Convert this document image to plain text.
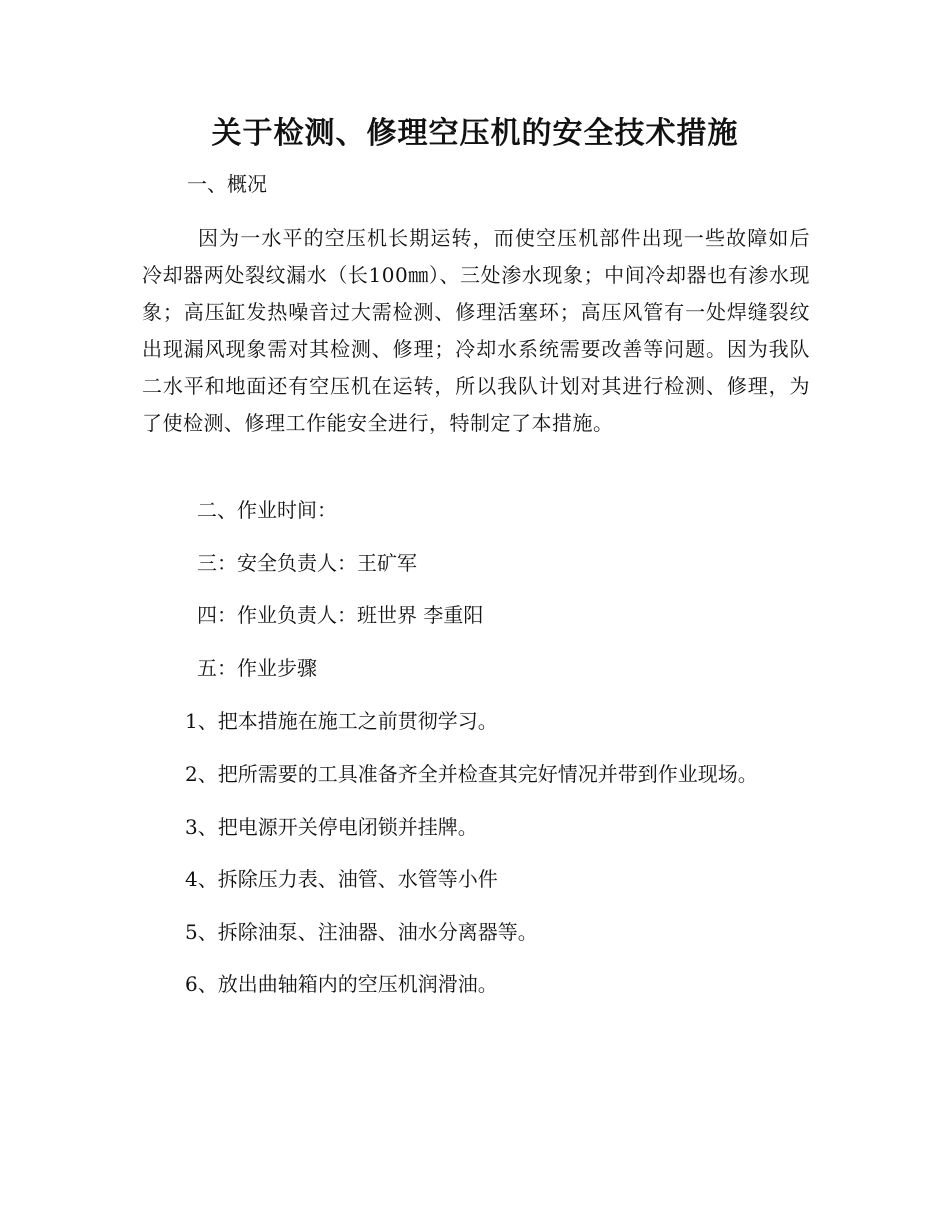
关于检测、修理空压机的安全技术措施
一、概况
因为一水平的空压机长期运转，而使空压机部件出现一些故障如后冷却器两处裂纹漏水（长100㎜）、三处渗水现象；中间冷却器也有渗水现象；高压缸发热噪音过大需检测、修理活塞环；高压风管有一处焊缝裂纹出现漏风现象需对其检测、修理；冷却水系统需要改善等问题。因为我队二水平和地面还有空压机在运转，所以我队计划对其进行检测、修理，为了使检测、修理工作能安全进行，特制定了本措施。
二、作业时间：
三：安全负责人：王矿军
四：作业负责人：班世界 李重阳
五：作业步骤
1、把本措施在施工之前贯彻学习。
2、把所需要的工具准备齐全并检查其完好情况并带到作业现场。
3、把电源开关停电闭锁并挂牌。
4、拆除压力表、油管、水管等小件
5、拆除油泵、注油器、油水分离器等。
6、放出曲轴箱内的空压机润滑油。
